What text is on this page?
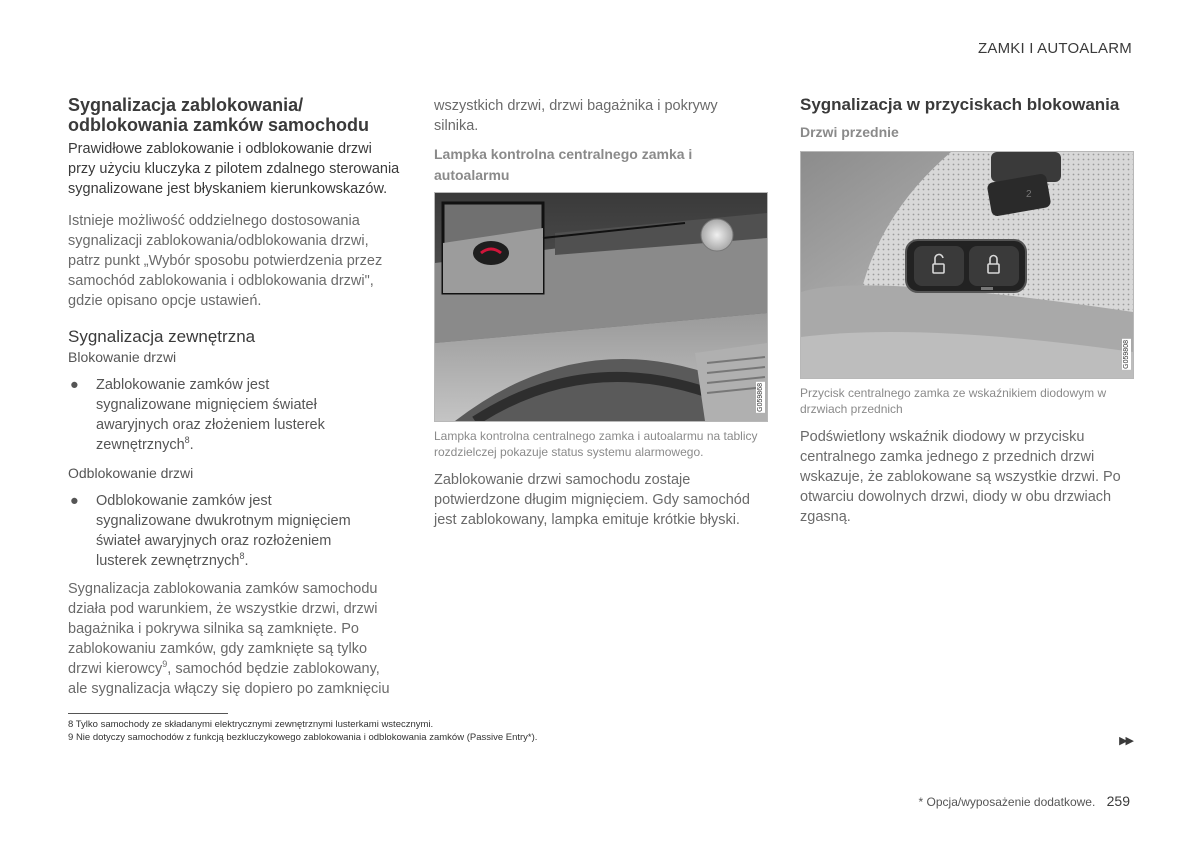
ZAMKI I AUTOALARM
Sygnalizacja zablokowania/
odblokowania zamków samochodu

Prawidłowe zablokowanie i odblokowanie drzwi przy użyciu kluczyka z pilotem zdalnego sterowania sygnalizowane jest błyskaniem kierunkowskazów.

Istnieje możliwość oddzielnego dostosowania sygnalizacji zablokowania/odblokowania drzwi, patrz punkt „Wybór sposobu potwierdzenia przez samochód zablokowania i odblokowania drzwi", gdzie opisano opcje ustawień.

Sygnalizacja zewnętrzna
Blokowanie drzwi
● Zablokowanie zamków jest sygnalizowane mignięciem świateł awaryjnych oraz złożeniem lusterek zewnętrznych$^8$.
Odblokowanie drzwi
● Odblokowanie zamków jest sygnalizowane dwukrotnym mignięciem świateł awaryjnych oraz rozłożeniem lusterek zewnętrznych$^8$.

Sygnalizacja zablokowania zamków samochodu działa pod warunkiem, że wszystkie drzwi, drzwi bagażnika i pokrywa silnika są zamknięte. Po zablokowaniu zamków, gdy zamknięte są tylko drzwi kierowcy$^9$, samochód będzie zablokowany, ale sygnalizacja włączy się dopiero po zamknięciu

wszystkich drzwi, drzwi bagażnika i pokrywy silnika.

Lampka kontrolna centralnego zamka i autoalarmu
G059868
Lampka kontrolna centralnego zamka i autoalarmu na tablicy rozdzielczej pokazuje status systemu alarmowego.

Zablokowanie drzwi samochodu zostaje potwierdzone długim mignięciem. Gdy samochód jest zablokowany, lampka emituje krótkie błyski.

Sygnalizacja w przyciskach blokowania
Drzwi przednie
2
G059808
Przycisk centralnego zamka ze wskaźnikiem diodowym w drzwiach przednich

Podświetlony wskaźnik diodowy w przycisku centralnego zamka jednego z przednich drzwi wskazuje, że zablokowane są wszystkie drzwi. Po otwarciu dowolnych drzwi, diody w obu drzwiach zgasną.

8 Tylko samochody ze składanymi elektrycznymi zewnętrznymi lusterkami wstecznymi.
9 Nie dotyczy samochodów z funkcją bezkluczykowego zablokowania i odblokowania zamków (Passive Entry*).	▶▶
* Opcja/wyposażenie dodatkowe. 259
